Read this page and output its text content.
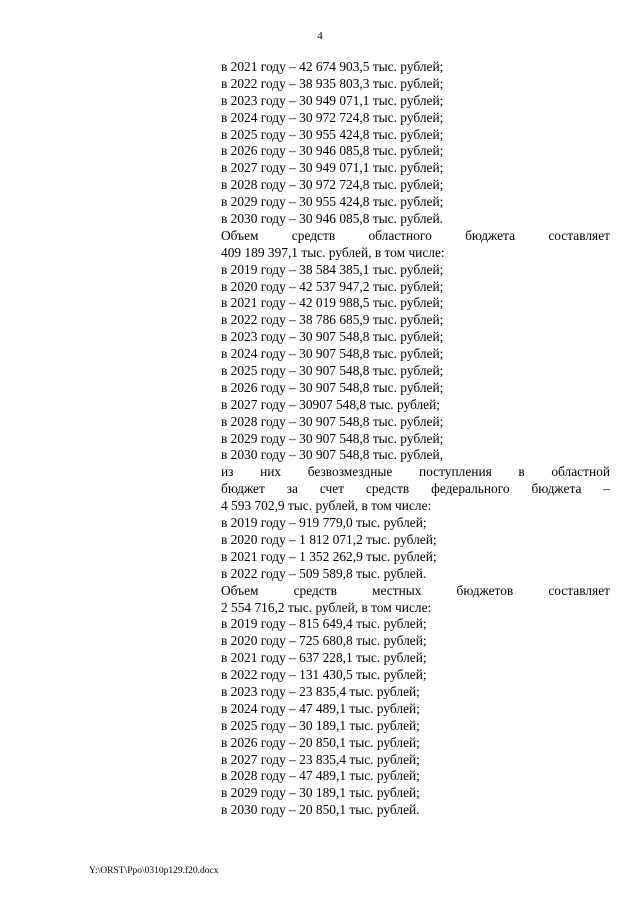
4
в 2021 году – 42 674 903,5 тыс. рублей;
в 2022 году – 38 935 803,3 тыс. рублей;
в 2023 году – 30 949 071,1 тыс. рублей;
в 2024 году – 30 972 724,8 тыс. рублей;
в 2025 году – 30 955 424,8 тыс. рублей;
в 2026 году – 30 946 085,8 тыс. рублей;
в 2027 году – 30 949 071,1 тыс. рублей;
в 2028 году – 30 972 724,8 тыс. рублей;
в 2029 году – 30 955 424,8 тыс. рублей;
в 2030 году – 30 946 085,8 тыс. рублей.
Объем средств областного бюджета составляет
409 189 397,1 тыс. рублей, в том числе:
в 2019 году – 38 584 385,1 тыс. рублей;
в 2020 году – 42 537 947,2 тыс. рублей;
в 2021 году – 42 019 988,5 тыс. рублей;
в 2022 году – 38 786 685,9 тыс. рублей;
в 2023 году – 30 907 548,8 тыс. рублей;
в 2024 году – 30 907 548,8 тыс. рублей;
в 2025 году – 30 907 548,8 тыс. рублей;
в 2026 году – 30 907 548,8 тыс. рублей;
в 2027 году – 30907 548,8 тыс. рублей;
в 2028 году – 30 907 548,8 тыс. рублей;
в 2029 году – 30 907 548,8 тыс. рублей;
в 2030 году – 30 907 548,8 тыс. рублей,
из них безвозмездные поступления в областной
бюджет за счет средств федерального бюджета –
4 593 702,9 тыс. рублей, в том числе:
в 2019 году – 919 779,0 тыс. рублей;
в 2020 году – 1 812 071,2 тыс. рублей;
в 2021 году – 1 352 262,9 тыс. рублей;
в 2022 году – 509 589,8 тыс. рублей.
Объем средств местных бюджетов составляет
2 554 716,2 тыс. рублей, в том числе:
в 2019 году – 815 649,4 тыс. рублей;
в 2020 году – 725 680,8 тыс. рублей;
в 2021 году – 637 228,1 тыс. рублей;
в 2022 году – 131 430,5 тыс. рублей;
в 2023 году – 23 835,4 тыс. рублей;
в 2024 году – 47 489,1 тыс. рублей;
в 2025 году – 30 189,1 тыс. рублей;
в 2026 году – 20 850,1 тыс. рублей;
в 2027 году – 23 835,4 тыс. рублей;
в 2028 году – 47 489,1 тыс. рублей;
в 2029 году – 30 189,1 тыс. рублей;
в 2030 году – 20 850,1 тыс. рублей.
Y:\ORST\Ppo\0310p129.f20.docx
